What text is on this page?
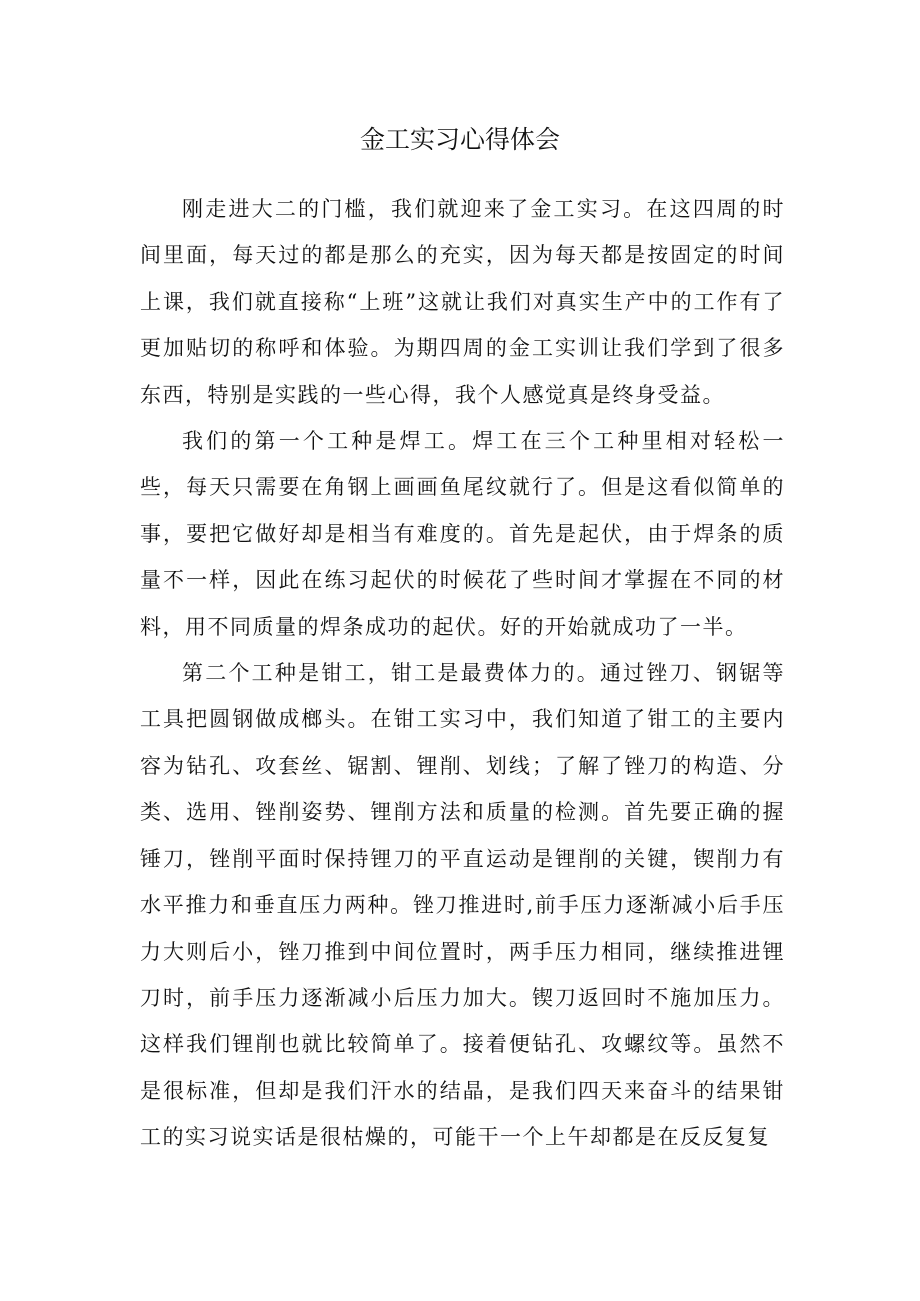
金工实习心得体会

刚走进大二的门槛，我们就迎来了金工实习。在这四周的时间里面，每天过的都是那么的充实，因为每天都是按固定的时间上课，我们就直接称“上班”这就让我们对真实生产中的工作有了更加贴切的称呼和体验。为期四周的金工实训让我们学到了很多东西，特别是实践的一些心得，我个人感觉真是终身受益。

我们的第一个工种是焊工。焊工在三个工种里相对轻松一些，每天只需要在角钢上画画鱼尾纹就行了。但是这看似简单的事，要把它做好却是相当有难度的。首先是起伏，由于焊条的质量不一样，因此在练习起伏的时候花了些时间才掌握在不同的材料，用不同质量的焊条成功的起伏。好的开始就成功了一半。

第二个工种是钳工，钳工是最费体力的。通过锉刀、钢锯等工具把圆钢做成榔头。在钳工实习中，我们知道了钳工的主要内容为钻孔、攻套丝、锯割、锂削、划线；了解了锉刀的构造、分类、选用、锉削姿势、锂削方法和质量的检测。首先要正确的握锤刀，锉削平面时保持锂刀的平直运动是锂削的关键，锲削力有水平推力和垂直压力两种。锉刀推进时,前手压力逐渐减小后手压力大则后小，锉刀推到中间位置时，两手压力相同，继续推进锂刀时，前手压力逐渐减小后压力加大。锲刀返回时不施加压力。这样我们锂削也就比较简单了。接着便钻孔、攻螺纹等。虽然不是很标准，但却是我们汗水的结晶，是我们四天来奋斗的结果钳工的实习说实话是很枯燥的，可能干一个上午却都是在反反复复
